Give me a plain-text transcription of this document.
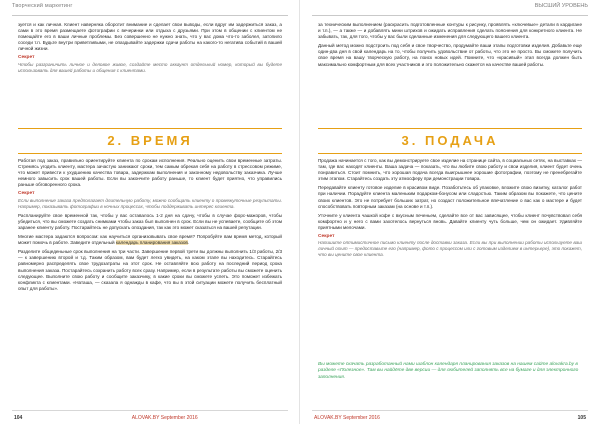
Творческий маркетинг

зуется и как личная. Клиент наверняка оборотит внимание и сделает свои выводы, если вдруг им задержиться заказ, а сами в это время размещаете фотографии с вечеринки или отдыха с друзьями. При этом в общении с клиентом не помещайте его в ваши личные проблемы. Без совершенно не нужно знать, что у вас дома что-то заболел, затопило соседи т.п. Будьте внутри приветливыми, не опаздывайте задержки сдачи работы на какого-то негатива событий в вашей личной жизни.

Секрет
Чтобы разграничить личное и деловое живое, создайте место аккаунт отдельный номер, который вы будете использовать для вашей работы и общения с клиентами.
2. ВРЕМЯ

Работая под заказ, правильно ориентируйте клиента по срокам исполнения. Реально оценить свои временные затраты. Стремясь угодить клиенту, мастера зачастую занижают сроки, тем самым обрекая себя на работу в стрессовом режиме, что может привести к ухудшению качества товара, задержкам выполнения и законному недовольству заказчика. Лучше немного завысить срок вашей работы. Если вы закончите работу раньше, то клиент будет приятно, что управились раньше обговоренного срока.

Секрет
Если выполнение заказа предполагает длительную работу, можно сообщать клиенту о промежуточные результаты. Например, показывать фотографии в ночных процессах, чтобы поддерживать интерес клиента.

Распланируйте свое временной так, чтобы у вас оставалось 1-2 дня на сдачу, чтобы в случае форс-мажоров, чтобы убедиться, что вы сможете создать снимками чтобы заказ был выполнен в срок. Если вы не успеваете, сообщите об этом заранее клиенту работу. Постарайтесь не допускать опоздания, так как это может сказаться на вашей репутации.

Многие мастера задаются вопросом: как научиться организовывать свое время? Попробуйте вам время метод, который может помочь в работе. Заведите отдельный календарь планирования заказов.

Разделите общеденьные срок выполнения на три части. Завершение первой трети вы должны выполнить 1/3 работы, 2/3 — к завершению второй и т.д. Таким образом, вам будет легко увидеть, на каком этапе вы находитесь. Старайтесь равномерно распределять свое трудозатраты на этот срок. Не оставляйте всю работу на последний период срока выполнения заказа. Постарайтесь сохранить работу всех сразу. Например, если в результате работы вы сможете оценить следующее. Выполните свою работу и сообщите заказчику, в какие сроки вы сможете успеть. Это поможет избежать конфликта с клиентами. «Наташа, — сказала я однажды в кафе, что вы в этой ситуации можете получить бесплатный опыт для работы».

104	ALOVAK.BY September 2016
ВЫСШИЙ УРОВЕНЬ

за техническим выполнением (раскрасить подготовленные контуры к рисунку, проявлять «ключевые» детали в кардигане и т.п.), — а также — и добавлять мини штрихов и ожидать исправления сделать пояснения для конкретного клиента. Не забывать, так, для того, чтобы у вас были сделанные изменения для следующего вашего клиента.

Данный метод можно подстроить под себя и свое творчество, продумайте ваши этапы подготовки изделия. Добавьте еще один-два дня в свой календарь на то, чтобы получить удовольствие от работы, что это не просто. Вы сможете получить свое время на вашу творческую работу, на поиск новых идей. Помните, что «красивый» этап всегда должен быть максимально комфортным для всех участников и это положительно скажется на качестве вашей работы.

3. ПОДАЧА

Продажа начинается с того, как вы демонстрируете свое изделие на странице сайта, в социальных сетях, на выставках — там, где вас находят клиенты. Ваша задача — показать, что вы любите свою работу и свои изделия, клиент будет очень понравиться. Стоит помнить, что хорошая подача всегда выигрышнее хорошие фотографии, поэтому не пренебрегайте этим этапом. Старайтесь создать эту атмосферу при демонстрации товара.

Передавайте клиенту готовое изделие в красивом виде. Позаботьтесь об упаковке, вложите свою визитку, каталог работ при наличии. Порадуйте клиента маленьким подарком-бонусом или сладостью. Таким образом вы покажете, что цените своих клиентов. Это не потребует больших затрат, но создаст положительное впечатление о вас как о мастере и будет способствовать повторным заказам (на основе и т.п.).

Уточните у клиента чашкой кофе с вкусным печеньем, сделайте все от вас зависящее, чтобы клиент почувствовал себя комфортно и у него с вами захотелось вернуться вновь. Давайте клиенту чуть больше, чем он ожидает. Удивляйте приятными мелочами.

Секрет
Напишите оптимистичное письмо клиенту после доставки заказа. Если вы при выполнении работы используете ваш личный опыт — предоставьте его (например, фото с процессом или с готовым изделием в интерьере), это покажет, что вы цените свое клиента.
Вы можете скачать разработанный нами шаблон календаря планирования заказов на нашем сайте alovakra.by в разделе «Полезное». Там вы найдёте две версии — для любителей заполнять все на бумаге и для электронного заполнения.
ALOVAK.BY September 2016	105
